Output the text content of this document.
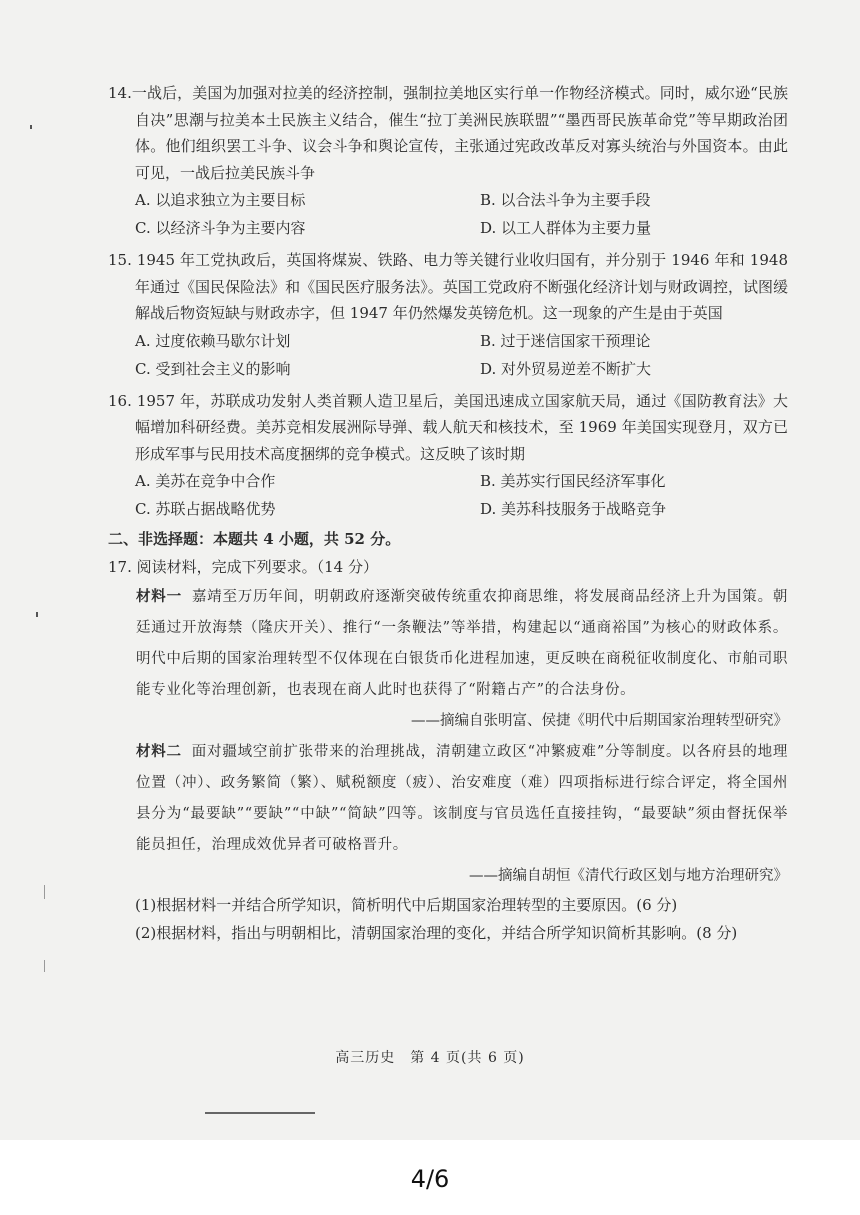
14.一战后，美国为加强对拉美的经济控制，强制拉美地区实行单一作物经济模式。同时，威尔逊“民族自决”思潮与拉美本土民族主义结合，催生“拉丁美洲民族联盟”“墨西哥民族革命党”等早期政治团体。他们组织罢工斗争、议会斗争和舆论宣传，主张通过宪政改革反对寡头统治与外国资本。由此可见，一战后拉美民族斗争

A. 以追求独立为主要目标	B. 以合法斗争为主要手段
C. 以经济斗争为主要内容	D. 以工人群体为主要力量

15. 1945 年工党执政后，英国将煤炭、铁路、电力等关键行业收归国有，并分别于 1946 年和 1948 年通过《国民保险法》和《国民医疗服务法》。英国工党政府不断强化经济计划与财政调控，试图缓解战后物资短缺与财政赤字，但 1947 年仍然爆发英镑危机。这一现象的产生是由于英国

A. 过度依赖马歇尔计划	B. 过于迷信国家干预理论
C. 受到社会主义的影响	D. 对外贸易逆差不断扩大

16. 1957 年，苏联成功发射人类首颗人造卫星后，美国迅速成立国家航天局，通过《国防教育法》大幅增加科研经费。美苏竞相发展洲际导弹、载人航天和核技术，至 1969 年美国实现登月，双方已形成军事与民用技术高度捆绑的竞争模式。这反映了该时期

A. 美苏在竞争中合作	B. 美苏实行国民经济军事化
C. 苏联占据战略优势	D. 美苏科技服务于战略竞争

二、非选择题：本题共 4 小题，共 52 分。

17. 阅读材料，完成下列要求。（14 分）

材料一 嘉靖至万历年间，明朝政府逐渐突破传统重农抑商思维，将发展商品经济上升为国策。朝廷通过开放海禁（隆庆开关）、推行“一条鞭法”等举措，构建起以“通商裕国”为核心的财政体系。明代中后期的国家治理转型不仅体现在白银货币化进程加速，更反映在商税征收制度化、市舶司职能专业化等治理创新，也表现在商人此时也获得了“附籍占产”的合法身份。

——摘编自张明富、侯捷《明代中后期国家治理转型研究》

材料二 面对疆域空前扩张带来的治理挑战，清朝建立政区“冲繁疲难”分等制度。以各府县的地理位置（冲）、政务繁简（繁）、赋税额度（疲）、治安难度（难）四项指标进行综合评定，将全国州县分为“最要缺”“要缺”“中缺”“简缺”四等。该制度与官员选任直接挂钩，“最要缺”须由督抚保举能员担任，治理成效优异者可破格晋升。

——摘编自胡恒《清代行政区划与地方治理研究》

(1)根据材料一并结合所学知识，简析明代中后期国家治理转型的主要原因。(6 分)

(2)根据材料，指出与明朝相比，清朝国家治理的变化，并结合所学知识简析其影响。(8 分)

高三历史　第 4 页(共 6 页)
4/6
